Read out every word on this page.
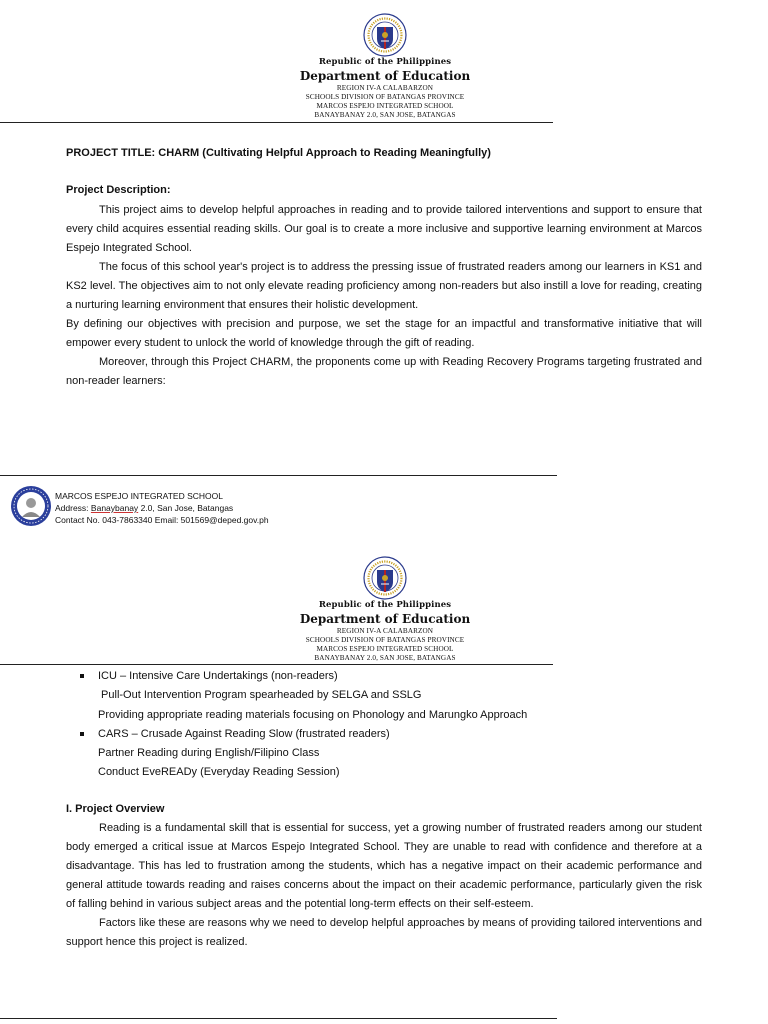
Republic of the Philippines
Department of Education
REGION IV-A CALABARZON
SCHOOLS DIVISION OF BATANGAS PROVINCE
MARCOS ESPEJO INTEGRATED SCHOOL
BANAYBANAY 2.0, SAN JOSE, BATANGAS
PROJECT TITLE: CHARM (Cultivating Helpful Approach to Reading Meaningfully)
Project Description:

This project aims to develop helpful approaches in reading and to provide tailored interventions and support to ensure that every child acquires essential reading skills. Our goal is to create a more inclusive and supportive learning environment at Marcos Espejo Integrated School.

The focus of this school year's project is to address the pressing issue of frustrated readers among our learners in KS1 and KS2 level. The objectives aim to not only elevate reading proficiency among non-readers but also instill a love for reading, creating a nurturing learning environment that ensures their holistic development.

By defining our objectives with precision and purpose, we set the stage for an impactful and transformative initiative that will empower every student to unlock the world of knowledge through the gift of reading.

Moreover, through this Project CHARM, the proponents come up with Reading Recovery Programs targeting frustrated and non-reader learners:

MARCOS ESPEJO INTEGRATED SCHOOL
Address: Banaybanay 2.0, San Jose, Batangas
Contact No. 043-7863340 Email: 501569@deped.gov.ph
Republic of the Philippines
Department of Education
REGION IV-A CALABARZON
SCHOOLS DIVISION OF BATANGAS PROVINCE
MARCOS ESPEJO INTEGRATED SCHOOL
BANAYBANAY 2.0, SAN JOSE, BATANGAS
ICU – Intensive Care Undertakings (non-readers)
Pull-Out Intervention Program spearheaded by SELGA and SSLG
Providing appropriate reading materials focusing on Phonology and Marungko Approach
CARS – Crusade Against Reading Slow (frustrated readers)
Partner Reading during English/Filipino Class
Conduct EveREADy (Everyday Reading Session)
I. Project Overview

Reading is a fundamental skill that is essential for success, yet a growing number of frustrated readers among our student body emerged a critical issue at Marcos Espejo Integrated School. They are unable to read with confidence and therefore at a disadvantage. This has led to frustration among the students, which has a negative impact on their academic performance and general attitude towards reading and raises concerns about the impact on their academic performance, particularly given the risk of falling behind in various subject areas and the potential long-term effects on their self-esteem.

Factors like these are reasons why we need to develop helpful approaches by means of providing tailored interventions and support hence this project is realized.
